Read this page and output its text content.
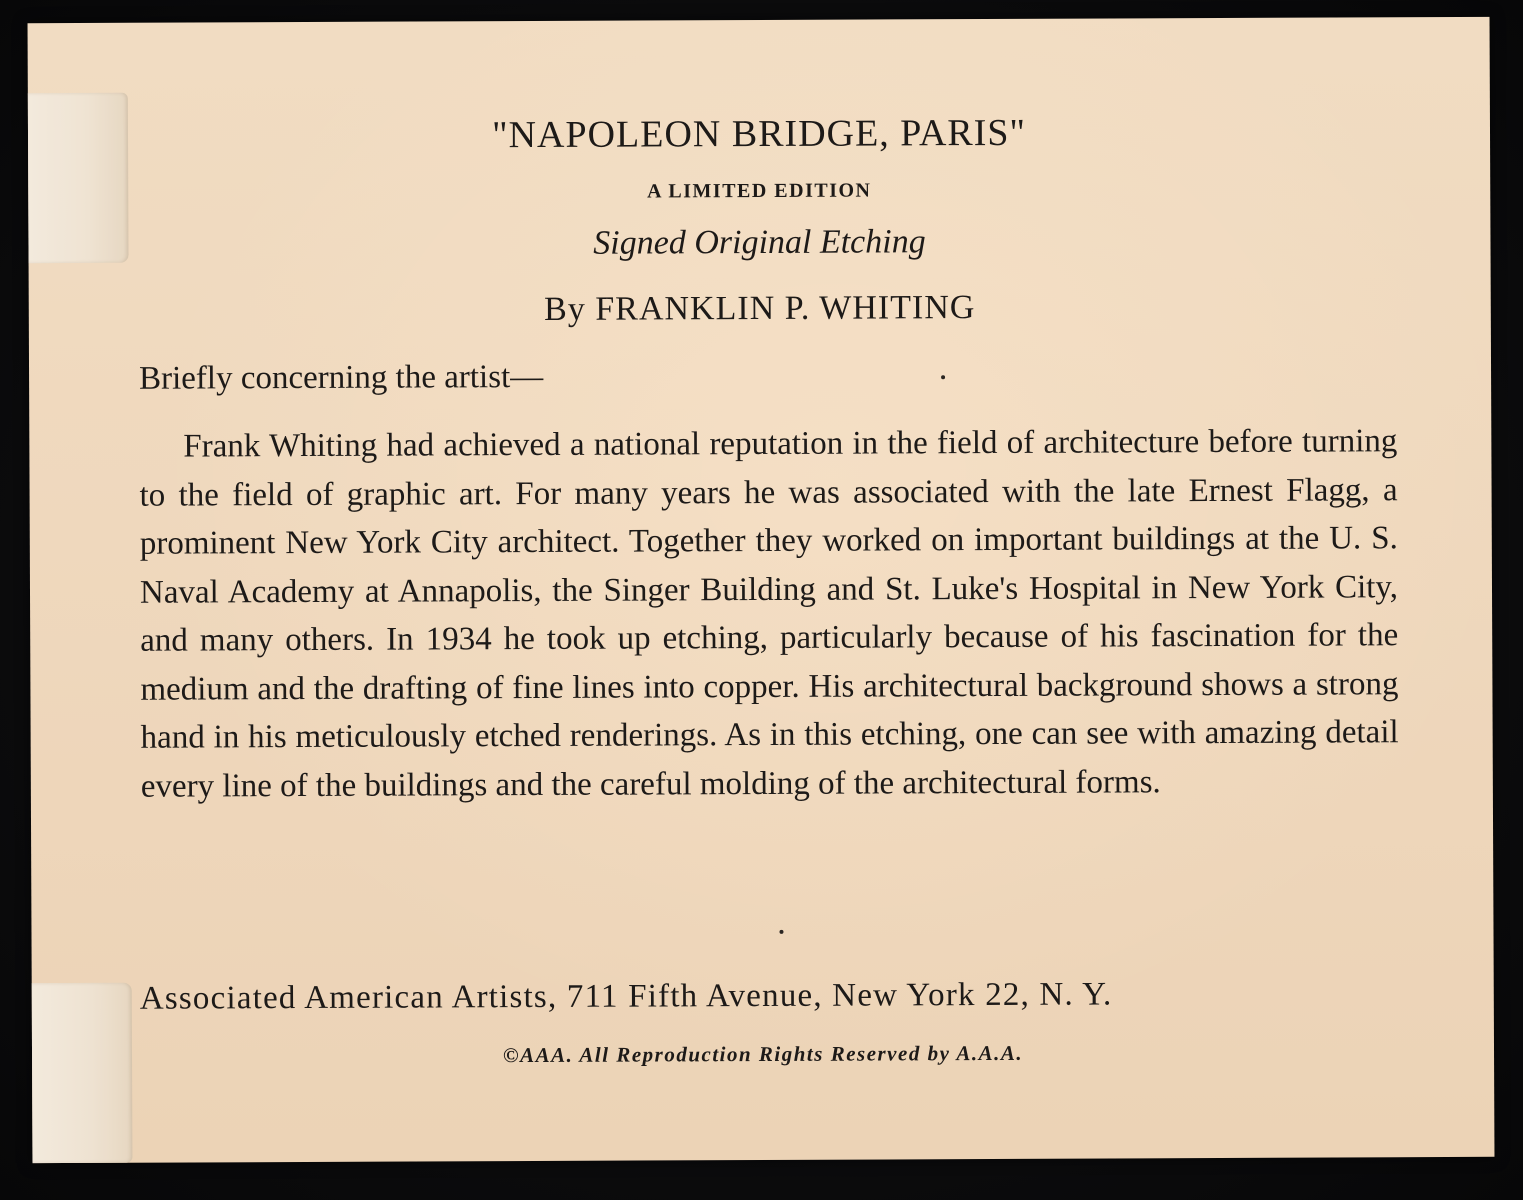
"NAPOLEON BRIDGE, PARIS"
A LIMITED EDITION
Signed Original Etching
By FRANKLIN P. WHITING
Briefly concerning the artist—

Frank Whiting had achieved a national reputation in the field of architecture before turning to the field of graphic art. For many years he was associated with the late Ernest Flagg, a prominent New York City architect. Together they worked on important buildings at the U. S. Naval Academy at Annapolis, the Singer Building and St. Luke's Hospital in New York City, and many others. In 1934 he took up etching, particularly because of his fascination for the medium and the drafting of fine lines into copper. His architectural background shows a strong hand in his meticulously etched renderings. As in this etching, one can see with amazing detail every line of the buildings and the careful molding of the architectural forms.

Associated American Artists, 711 Fifth Avenue, New York 22, N. Y.
©AAA. All Reproduction Rights Reserved by A.A.A.
